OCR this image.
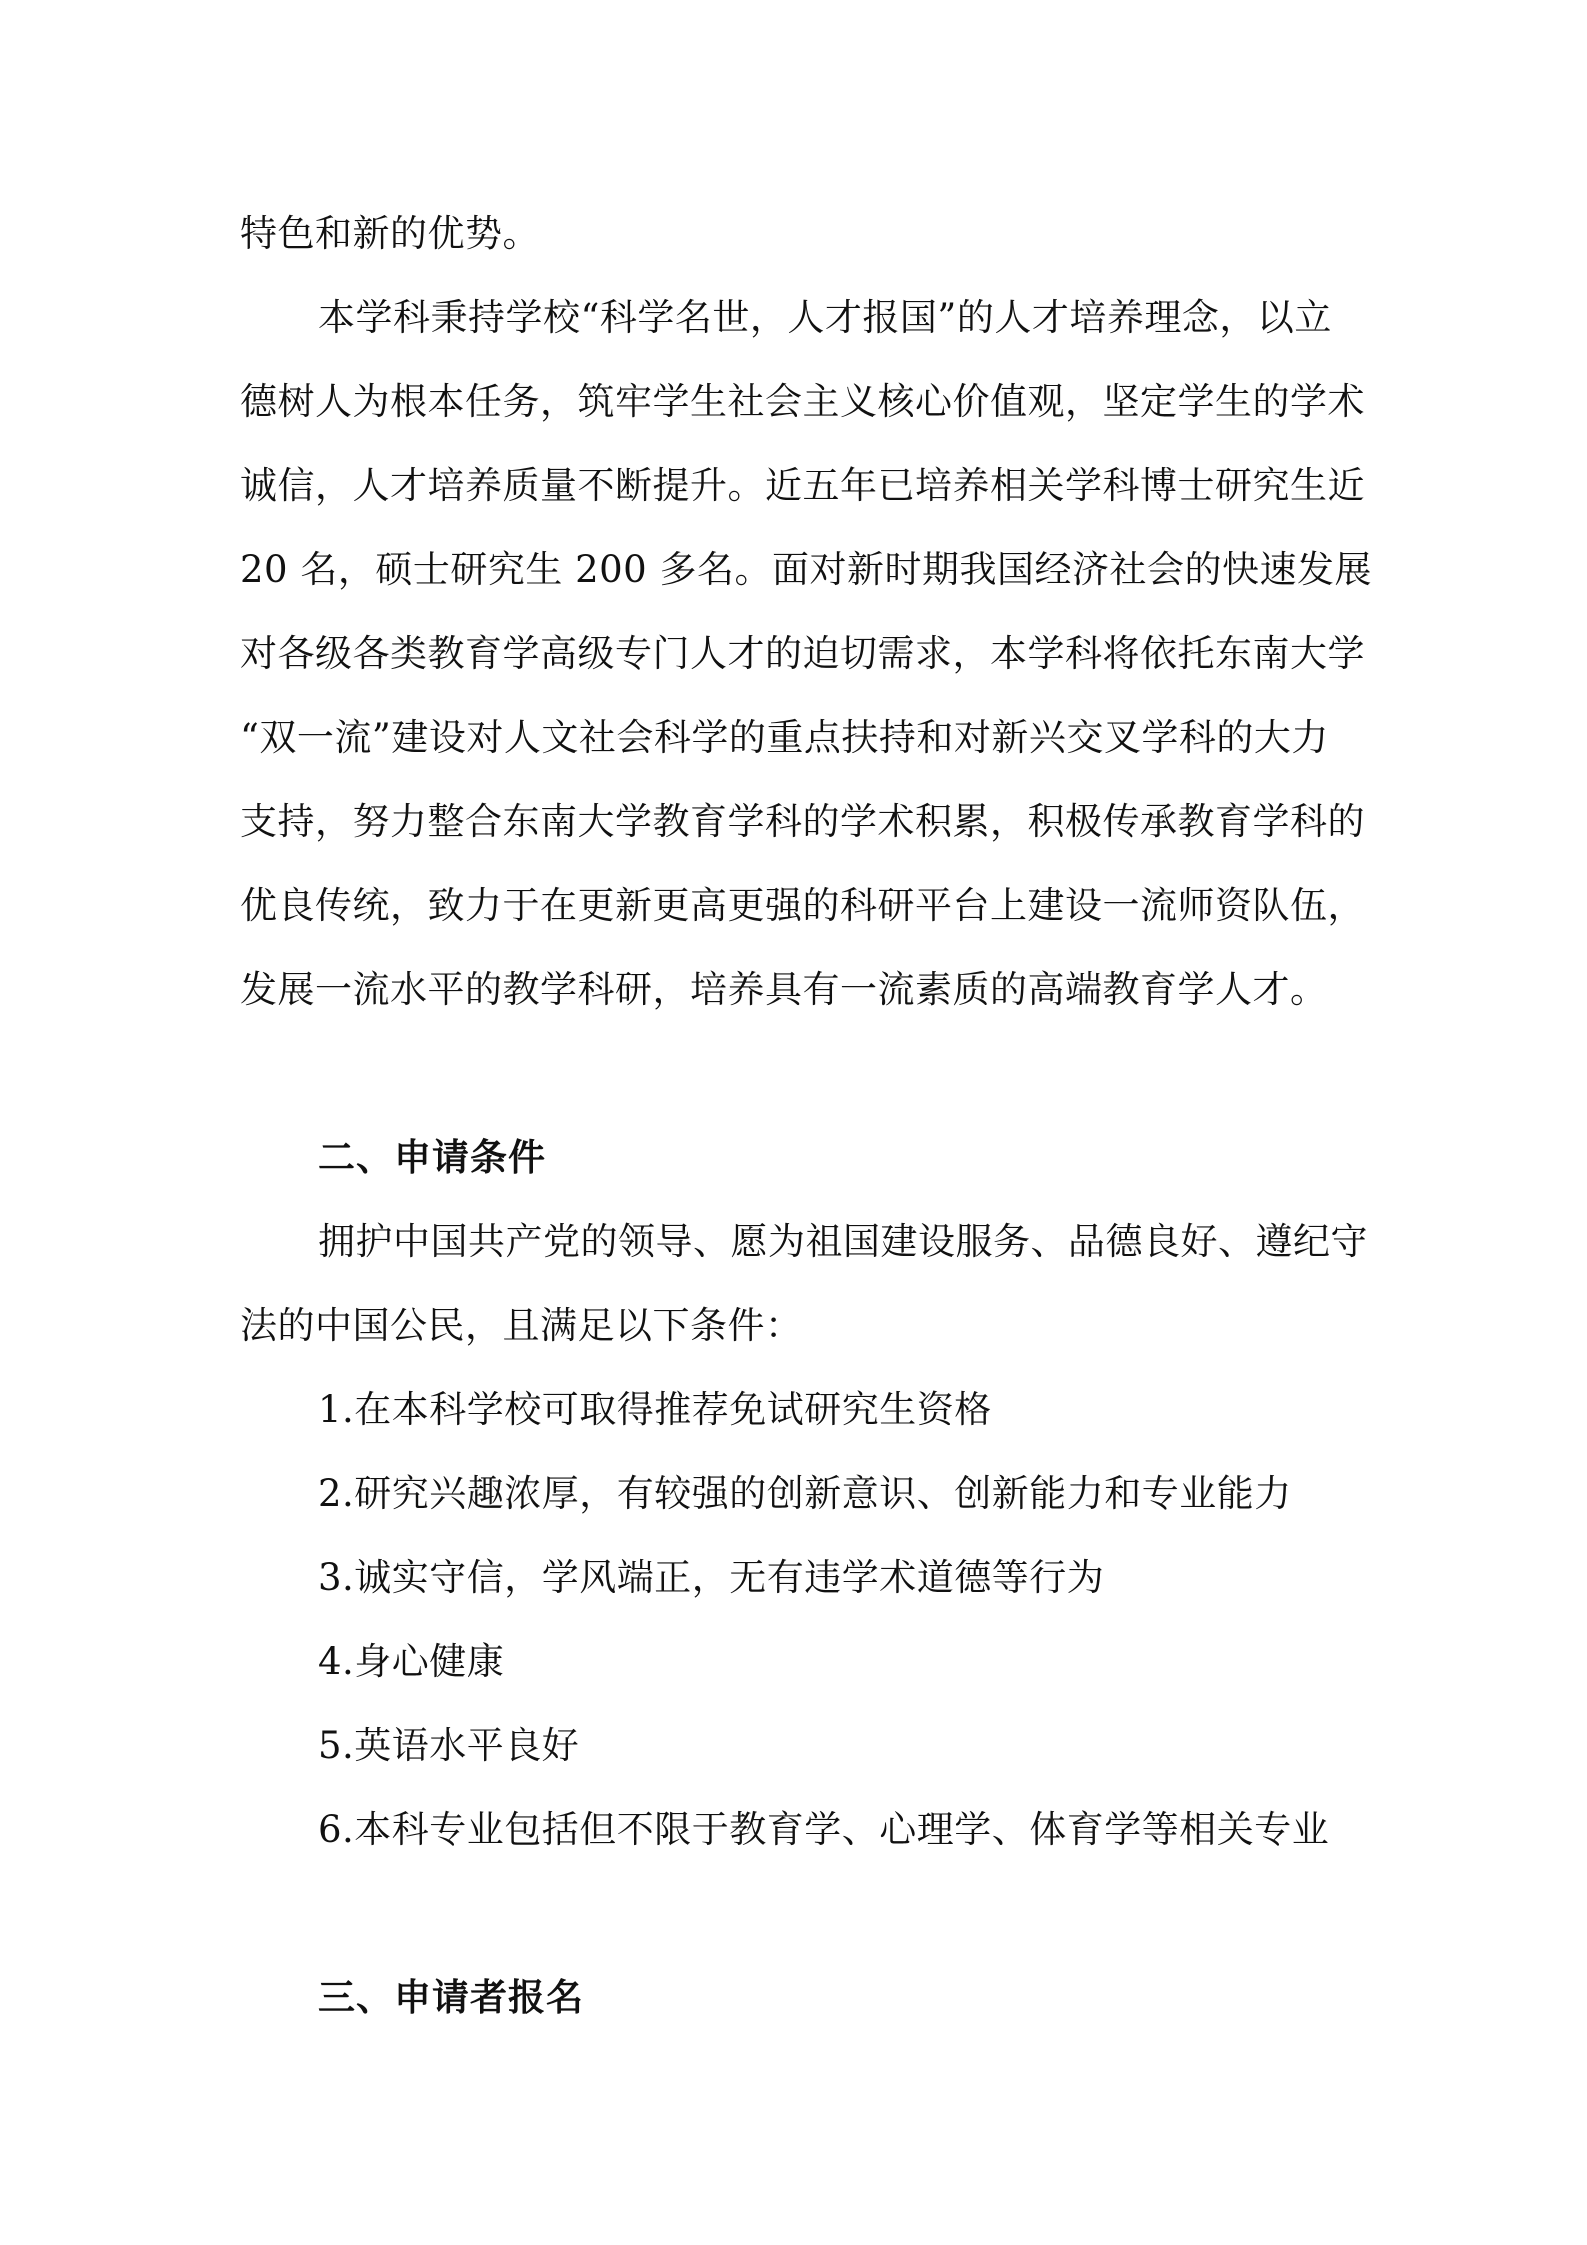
特色和新的优势。
本学科秉持学校“科学名世，人才报国”的人才培养理念，以立
德树人为根本任务，筑牢学生社会主义核心价值观，坚定学生的学术
诚信，人才培养质量不断提升。近五年已培养相关学科博士研究生近
20 名，硕士研究生 200 多名。面对新时期我国经济社会的快速发展
对各级各类教育学高级专门人才的迫切需求，本学科将依托东南大学
“双一流”建设对人文社会科学的重点扶持和对新兴交叉学科的大力
支持，努力整合东南大学教育学科的学术积累，积极传承教育学科的
优良传统，致力于在更新更高更强的科研平台上建设一流师资队伍，
发展一流水平的教学科研，培养具有一流素质的高端教育学人才。
二、申请条件
拥护中国共产党的领导、愿为祖国建设服务、品德良好、遵纪守
法的中国公民，且满足以下条件：
1.在本科学校可取得推荐免试研究生资格
2.研究兴趣浓厚，有较强的创新意识、创新能力和专业能力
3.诚实守信，学风端正，无有违学术道德等行为
4.身心健康
5.英语水平良好
6.本科专业包括但不限于教育学、心理学、体育学等相关专业
三、申请者报名
